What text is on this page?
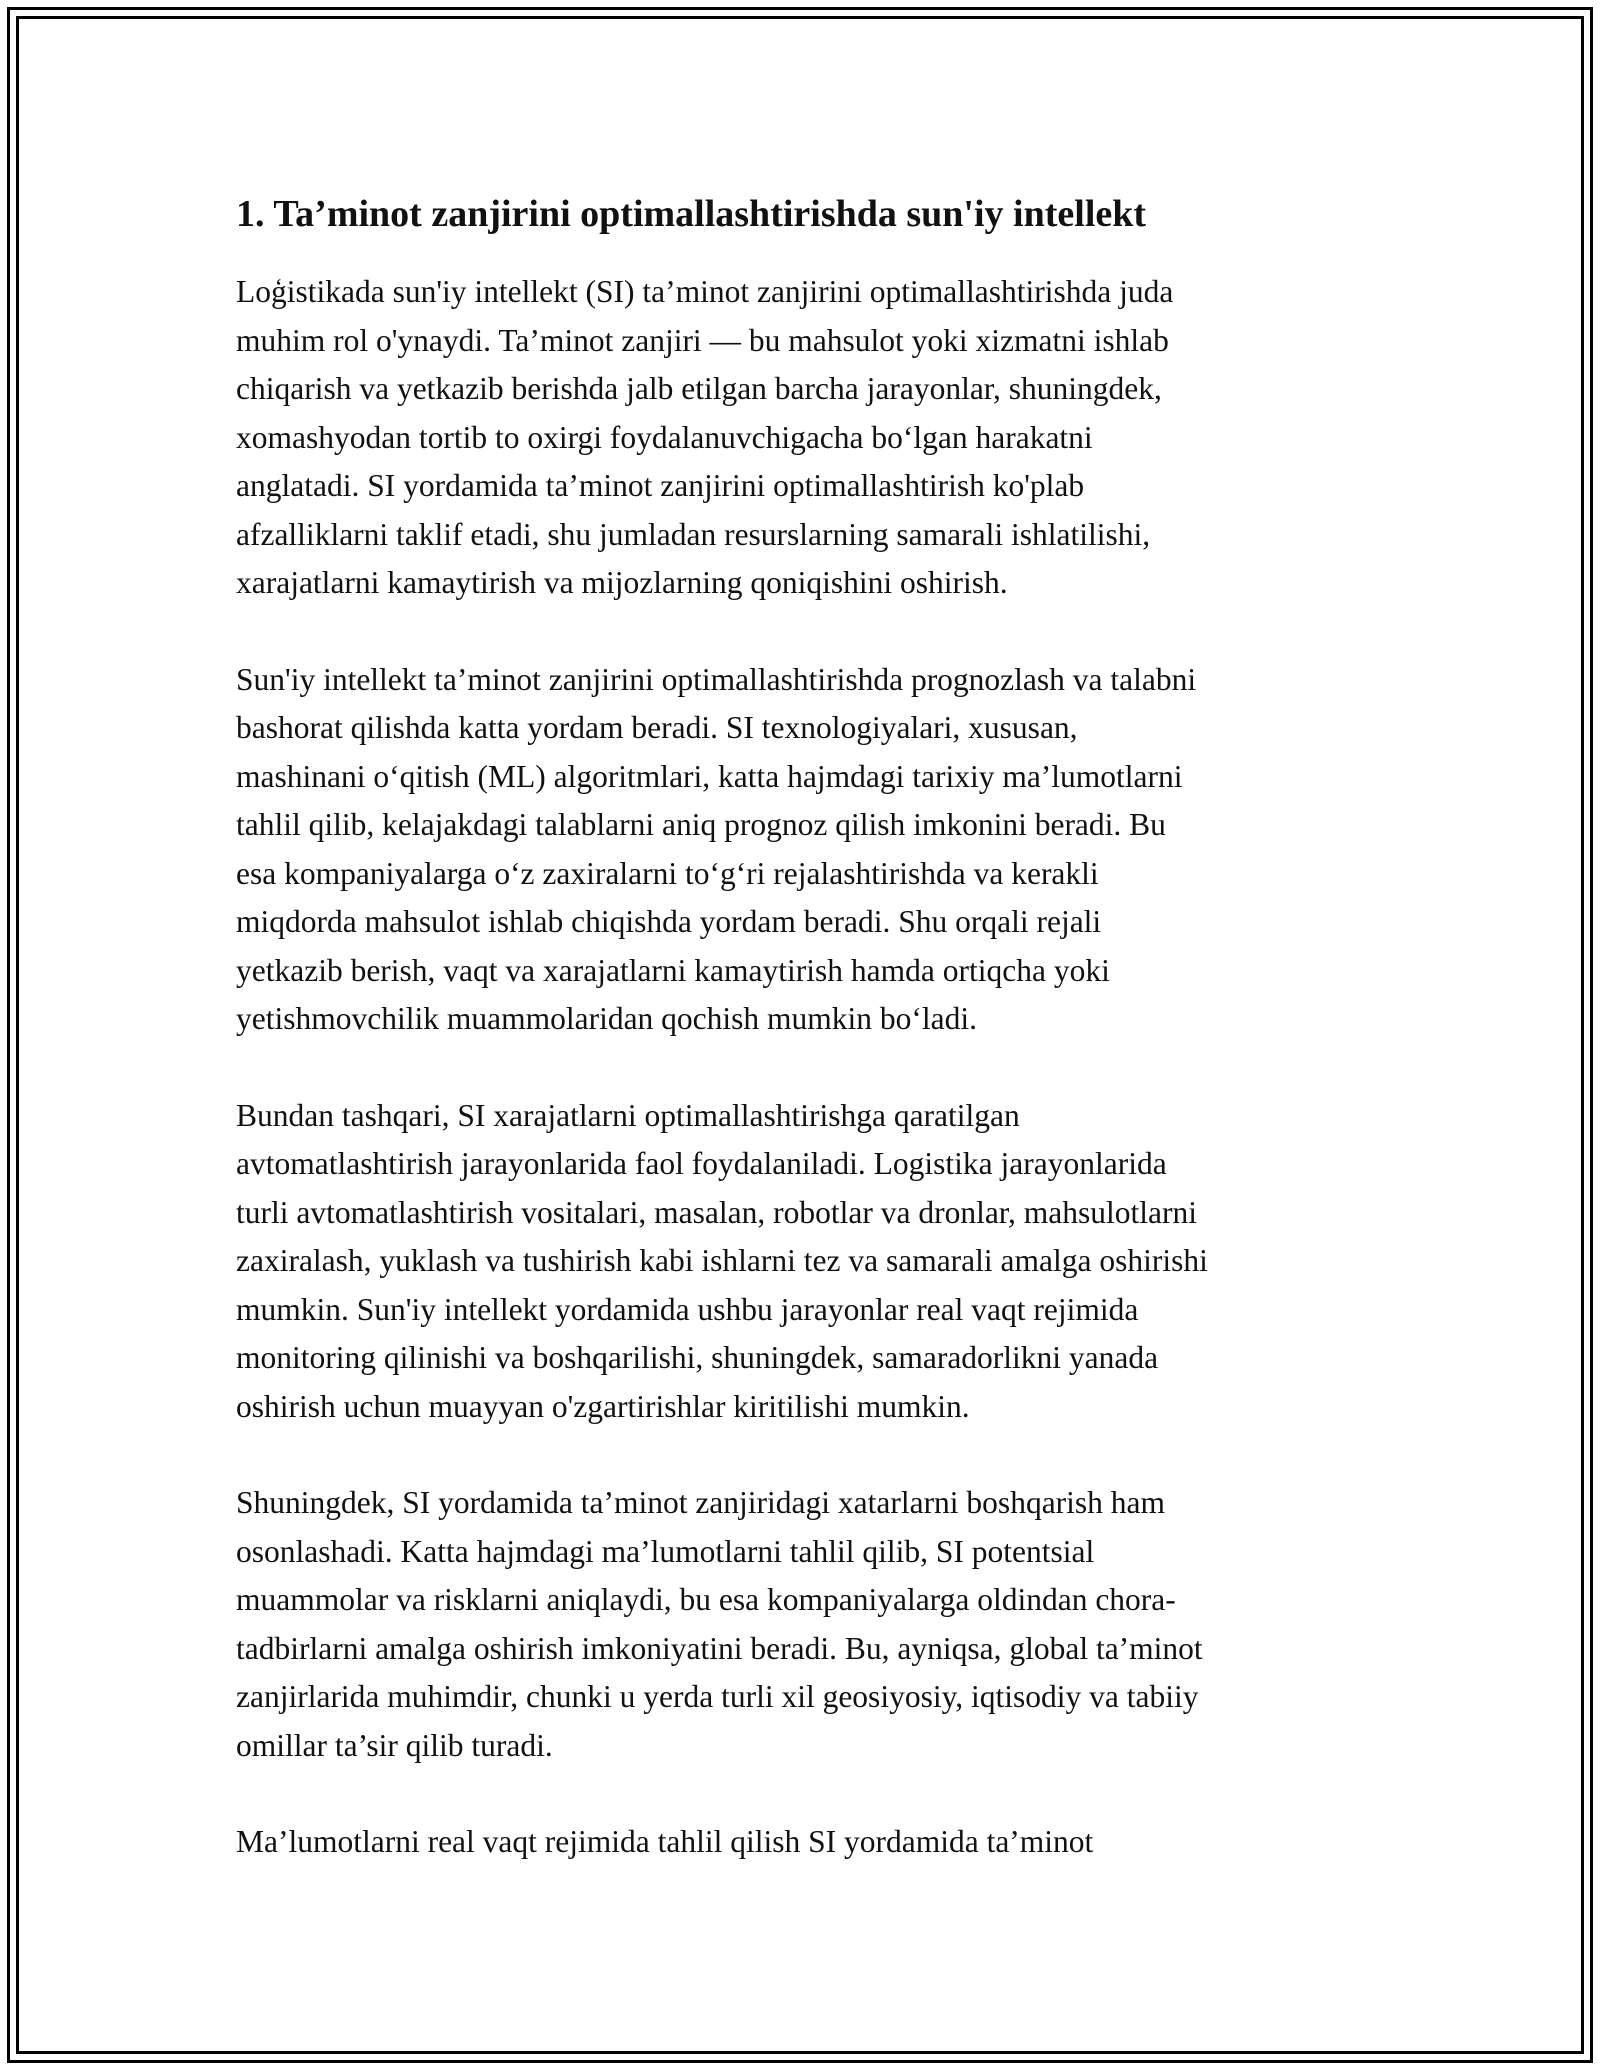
1. Ta’minot zanjirini optimallashtirishda sun'iy intellekt
Loģistikada sun'iy intellekt (SI) ta’minot zanjirini optimallashtirishda juda
muhim rol o'ynaydi. Ta’minot zanjiri — bu mahsulot yoki xizmatni ishlab
chiqarish va yetkazib berishda jalb etilgan barcha jarayonlar, shuningdek,
xomashyodan tortib to oxirgi foydalanuvchigacha bo‘lgan harakatni
anglatadi. SI yordamida ta’minot zanjirini optimallashtirish ko'plab
afzalliklarni taklif etadi, shu jumladan resurslarning samarali ishlatilishi,
xarajatlarni kamaytirish va mijozlarning qoniqishini oshirish.
Sun'iy intellekt ta’minot zanjirini optimallashtirishda prognozlash va talabni
bashorat qilishda katta yordam beradi. SI texnologiyalari, xususan,
mashinani o‘qitish (ML) algoritmlari, katta hajmdagi tarixiy ma’lumotlarni
tahlil qilib, kelajakdagi talablarni aniq prognoz qilish imkonini beradi. Bu
esa kompaniyalarga o‘z zaxiralarni to‘g‘ri rejalashtirishda va kerakli
miqdorda mahsulot ishlab chiqishda yordam beradi. Shu orqali rejali
yetkazib berish, vaqt va xarajatlarni kamaytirish hamda ortiqcha yoki
yetishmovchilik muammolaridan qochish mumkin bo‘ladi.
Bundan tashqari, SI xarajatlarni optimallashtirishga qaratilgan
avtomatlashtirish jarayonlarida faol foydalaniladi. Logistika jarayonlarida
turli avtomatlashtirish vositalari, masalan, robotlar va dronlar, mahsulotlarni
zaxiralash, yuklash va tushirish kabi ishlarni tez va samarali amalga oshirishi
mumkin. Sun'iy intellekt yordamida ushbu jarayonlar real vaqt rejimida
monitoring qilinishi va boshqarilishi, shuningdek, samaradorlikni yanada
oshirish uchun muayyan o'zgartirishlar kiritilishi mumkin.
Shuningdek, SI yordamida ta’minot zanjiridagi xatarlarni boshqarish ham
osonlashadi. Katta hajmdagi ma’lumotlarni tahlil qilib, SI potentsial
muammolar va risklarni aniqlaydi, bu esa kompaniyalarga oldindan chora-
tadbirlarni amalga oshirish imkoniyatini beradi. Bu, ayniqsa, global ta’minot
zanjirlarida muhimdir, chunki u yerda turli xil geosiyosiy, iqtisodiy va tabiiy
omillar ta’sir qilib turadi.
Ma’lumotlarni real vaqt rejimida tahlil qilish SI yordamida ta’minot
